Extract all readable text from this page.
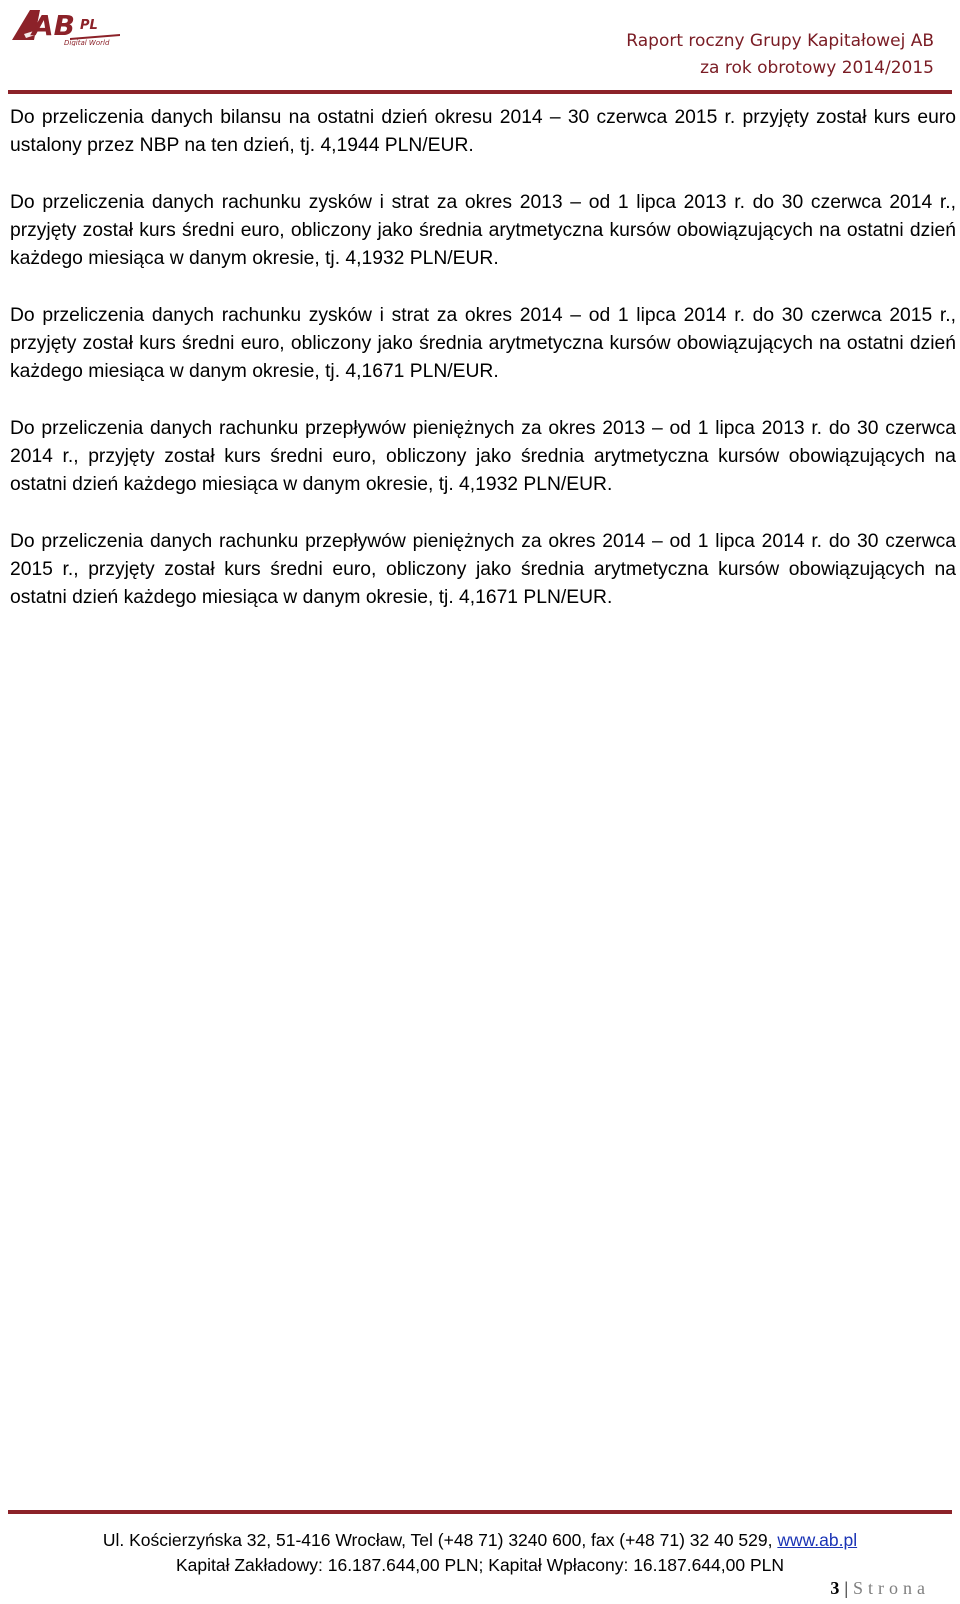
AB PL
Digital World	Raport roczny Grupy Kapitałowej AB
za rok obrotowy 2014/2015

Do przeliczenia danych bilansu na ostatni dzień okresu 2014 – 30 czerwca 2015 r. przyjęty został kurs euro ustalony przez NBP na ten dzień, tj. 4,1944 PLN/EUR.

Do przeliczenia danych rachunku zysków i strat za okres 2013 – od 1 lipca 2013 r. do 30 czerwca 2014 r., przyjęty został kurs średni euro, obliczony jako średnia arytmetyczna kursów obowiązujących na ostatni dzień każdego miesiąca w danym okresie, tj. 4,1932 PLN/EUR.

Do przeliczenia danych rachunku zysków i strat za okres 2014 – od 1 lipca 2014 r. do 30 czerwca 2015 r., przyjęty został kurs średni euro, obliczony jako średnia arytmetyczna kursów obowiązujących na ostatni dzień każdego miesiąca w danym okresie, tj. 4,1671 PLN/EUR.

Do przeliczenia danych rachunku przepływów pieniężnych za okres 2013 – od 1 lipca 2013 r. do 30 czerwca 2014 r., przyjęty został kurs średni euro, obliczony jako średnia arytmetyczna kursów obowiązujących na ostatni dzień każdego miesiąca w danym okresie, tj. 4,1932 PLN/EUR.

Do przeliczenia danych rachunku przepływów pieniężnych za okres 2014 – od 1 lipca 2014 r. do 30 czerwca 2015 r., przyjęty został kurs średni euro, obliczony jako średnia arytmetyczna kursów obowiązujących na ostatni dzień każdego miesiąca w danym okresie, tj. 4,1671 PLN/EUR.

Ul. Kościerzyńska 32, 51-416 Wrocław, Tel (+48 71) 3240 600, fax (+48 71) 32 40 529, www.ab.pl
Kapitał Zakładowy: 16.187.644,00 PLN; Kapitał Wpłacony: 16.187.644,00 PLN
3 | Strona
